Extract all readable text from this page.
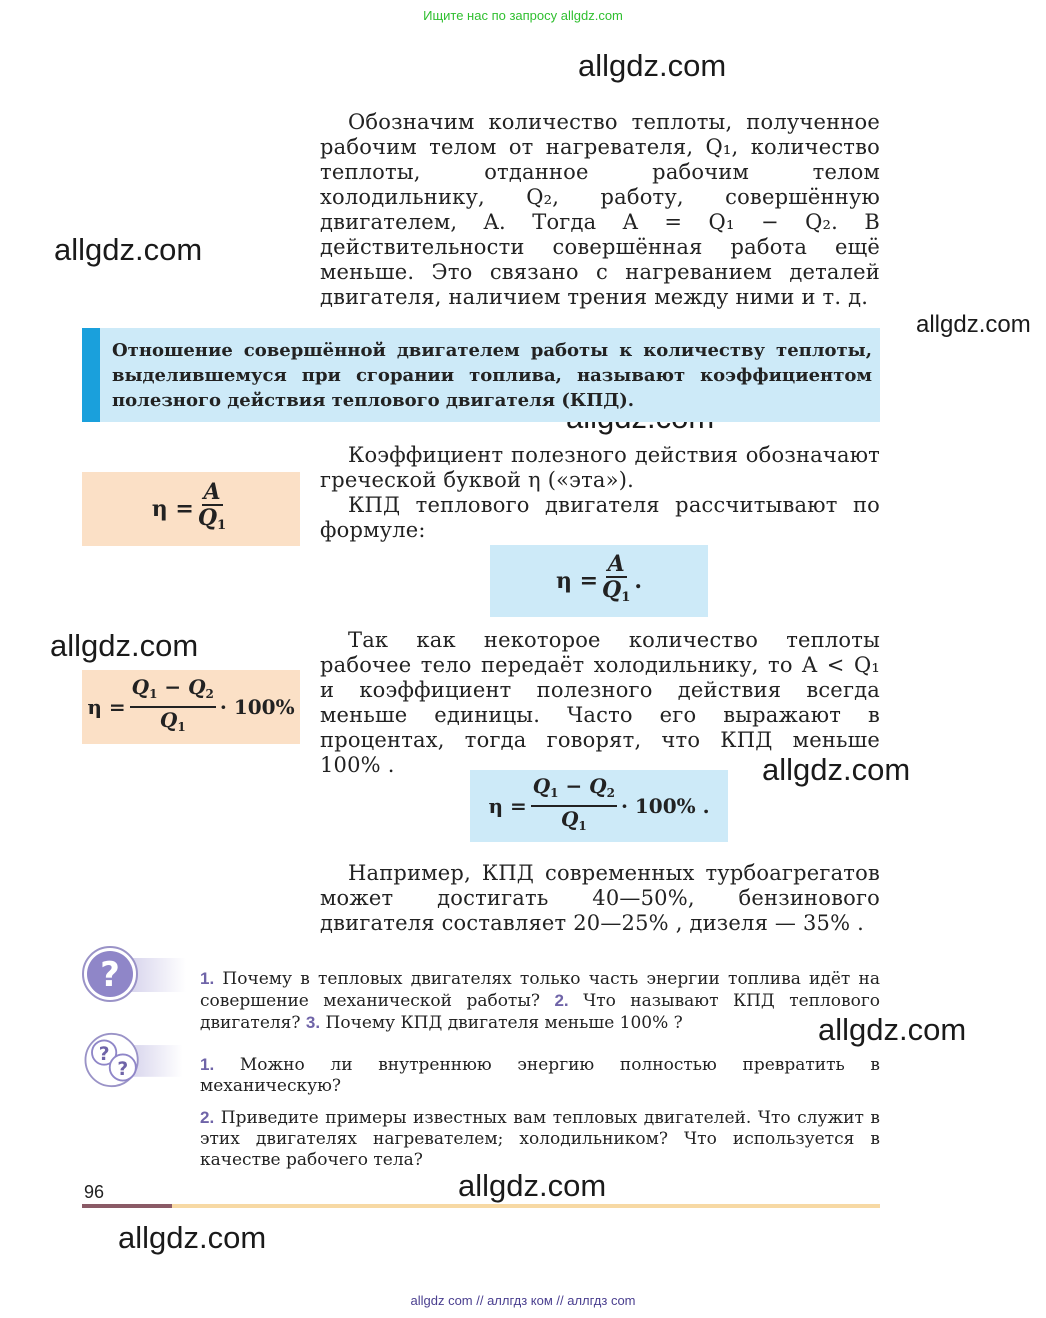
Ищите нас по запросу allgdz.com
allgdz.com
allgdz.com
allgdz.com
allgdz.com
allgdz.com
allgdz.com
allgdz.com
allgdz.com

Обозначим количество теплоты, полученное рабочим телом от нагревателя, Q₁, количество теплоты, отданное рабочим телом холодильнику, Q₂, работу, совершённую двигателем, A. Тогда A = Q₁ − Q₂. В действительности совершённая работа ещё меньше. Это связано с нагреванием деталей двигателя, наличием трения между ними и т. д.

Отношение совершённой двигателем работы к количеству теплоты, выделившемуся при сгорании топлива, называют коэффициентом полезного действия теплового двигателя (КПД).

Коэффициент полезного действия обозначают греческой буквой η («эта»).

КПД теплового двигателя рассчитывают по формуле:

$\eta = \frac{A}{Q1}$
$\eta = \frac{A}{Q1}$ .

Так как некоторое количество теплоты рабочее тело передаёт холодильнику, то A < Q₁ и коэффициент полезного действия всегда меньше единицы. Часто его выражают в процентах, тогда говорят, что КПД меньше 100% .

$\eta = \frac{Q_1 - Q_2}{Q_1} \cdot 100\%$
$\eta = \frac{Q_1 - Q_2}{Q_1} \cdot 100\%$ .

Например, КПД современных турбоагрегатов может достигать 40—50%, бензинового двигателя составляет 20—25% , дизеля — 35% .

?	1. Почему в тепловых двигателях только часть энергии топлива идёт на совершение механической работы? 2. Что называют КПД теплового двигателя? 3. Почему КПД двигателя меньше 100% ?
?
?	1. Можно ли внутреннюю энергию полностью превратить в механическую?
2. Приведите примеры известных вам тепловых двигателей. Что служит в этих двигателях нагревателем; холодильником? Что используется в качестве рабочего тела?
96
allgdz com // аллгдз ком // аллгдз com
